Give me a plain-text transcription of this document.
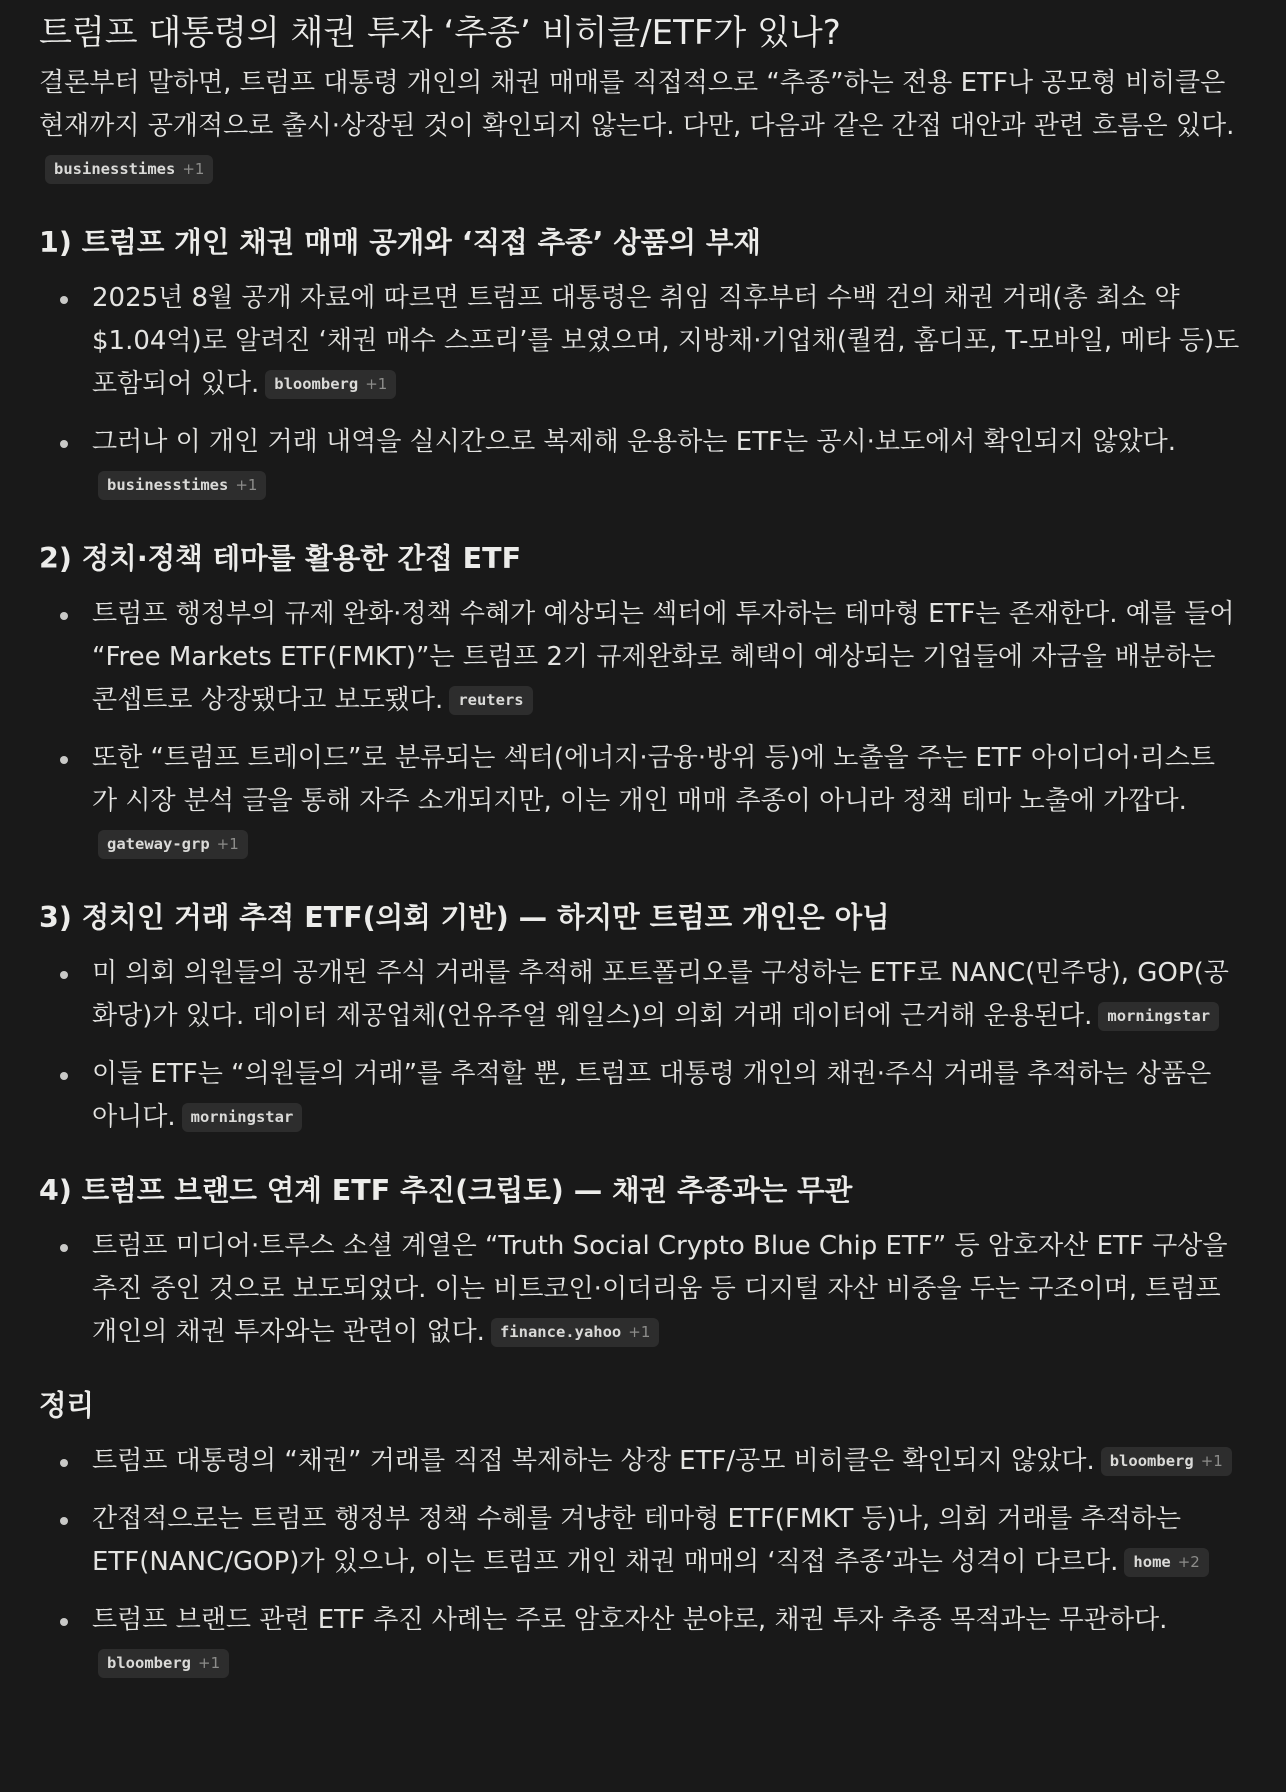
트럼프 대통령의 채권 투자 ‘추종’ 비히클/ETF가 있나?

결론부터 말하면, 트럼프 대통령 개인의 채권 매매를 직접적으로 “추종”하는 전용 ETF나 공모형 비히클은 현재까지 공개적으로 출시·상장된 것이 확인되지 않는다. 다만, 다음과 같은 간접 대안과 관련 흐름은 있다.
businesstimes +1

1) 트럼프 개인 채권 매매 공개와 ‘직접 추종’ 상품의 부재
2025년 8월 공개 자료에 따르면 트럼프 대통령은 취임 직후부터 수백 건의 채권 거래(총 최소 약 $1.04억)로 알려진 ‘채권 매수 스프리’를 보였으며, 지방채·기업채(퀄컴, 홈디포, T-모바일, 메타 등)도 포함되어 있다. bloomberg +1
그러나 이 개인 거래 내역을 실시간으로 복제해 운용하는 ETF는 공시·보도에서 확인되지 않았다.
businesstimes +1
2) 정치·정책 테마를 활용한 간접 ETF
트럼프 행정부의 규제 완화·정책 수혜가 예상되는 섹터에 투자하는 테마형 ETF는 존재한다. 예를 들어 “Free Markets ETF(FMKT)”는 트럼프 2기 규제완화로 혜택이 예상되는 기업들에 자금을 배분하는 콘셉트로 상장됐다고 보도됐다. reuters
또한 “트럼프 트레이드”로 분류되는 섹터(에너지·금융·방위 등)에 노출을 주는 ETF 아이디어·리스트가 시장 분석 글을 통해 자주 소개되지만, 이는 개인 매매 추종이 아니라 정책 테마 노출에 가깝다.
gateway-grp +1
3) 정치인 거래 추적 ETF(의회 기반) — 하지만 트럼프 개인은 아님
미 의회 의원들의 공개된 주식 거래를 추적해 포트폴리오를 구성하는 ETF로 NANC(민주당), GOP(공화당)가 있다. 데이터 제공업체(언유주얼 웨일스)의 의회 거래 데이터에 근거해 운용된다. morningstar
이들 ETF는 “의원들의 거래”를 추적할 뿐, 트럼프 대통령 개인의 채권·주식 거래를 추적하는 상품은 아니다. morningstar
4) 트럼프 브랜드 연계 ETF 추진(크립토) — 채권 추종과는 무관
트럼프 미디어·트루스 소셜 계열은 “Truth Social Crypto Blue Chip ETF” 등 암호자산 ETF 구상을 추진 중인 것으로 보도되었다. 이는 비트코인·이더리움 등 디지털 자산 비중을 두는 구조이며, 트럼프 개인의 채권 투자와는 관련이 없다. finance.yahoo +1
정리
트럼프 대통령의 “채권” 거래를 직접 복제하는 상장 ETF/공모 비히클은 확인되지 않았다. bloomberg +1
간접적으로는 트럼프 행정부 정책 수혜를 겨냥한 테마형 ETF(FMKT 등)나, 의회 거래를 추적하는 ETF(NANC/GOP)가 있으나, 이는 트럼프 개인 채권 매매의 ‘직접 추종’과는 성격이 다르다. home +2
트럼프 브랜드 관련 ETF 추진 사례는 주로 암호자산 분야로, 채권 투자 추종 목적과는 무관하다.
bloomberg +1
